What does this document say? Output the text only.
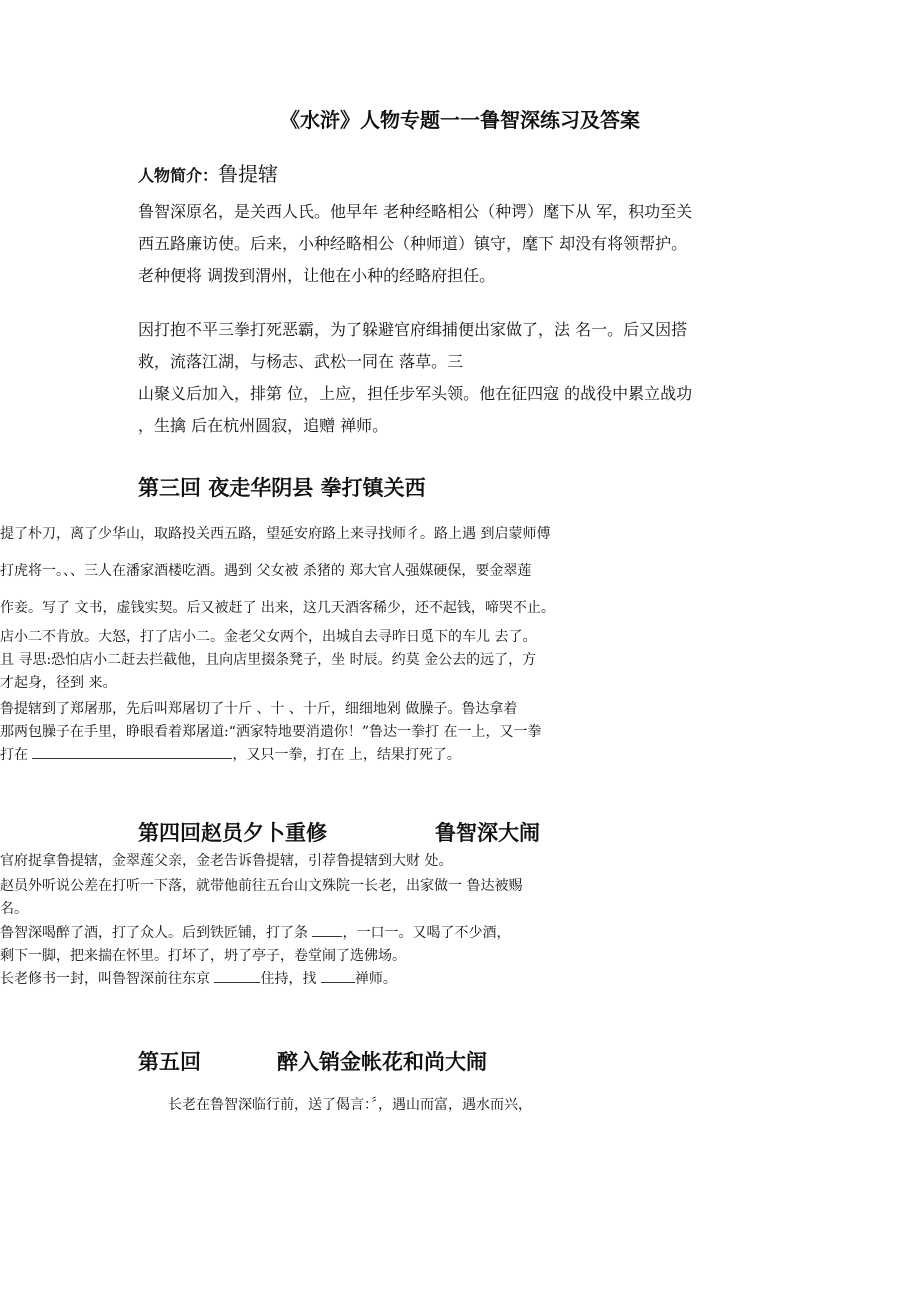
《水浒》人物专题一一鲁智深练习及答案
人物简介：鲁提辖
鲁智深原名，是关西人氏。他早年 老种经略相公（种谔）麾下从 军，积功至关
西五路廉访使。后来，小种经略相公（种师道）镇守，麾下 却没有将领帮护。
老种便将 调拨到渭州，让他在小种的经略府担任。
因打抱不平三拳打死恶霸，为了躲避官府缉捕便出家做了，法 名一。后又因搭
救，流落江湖，与杨志、武松一同在 落草。三
山聚义后加入，排第 位，上应，担任步军头领。他在征四寇 的战役中累立战功
，生擒 后在杭州圆寂，追赠 禅师。
第三回 夜走华阴县 拳打镇关西
提了朴刀，离了少华山，取路投关西五路，望延安府路上来寻找师彳。路上遇 到启蒙师傅
打虎将一。、、三人在潘家酒楼吃酒。遇到 父女被 杀猪的 郑大官人强媒硬保，要金翠莲
作妾。写了 文书，虚钱实契。后又被赶了 出来，这几天酒客稀少，还不起钱，啼哭不止。
店小二不肯放。大怒，打了店小二。金老父女两个，出城自去寻昨日觅下的车儿 去了。
且 寻思:恐怕店小二赶去拦截他，且向店里掇条凳子，坐 时辰。约莫 金公去的远了，方
才起身，径到 来。
鲁提辖到了郑屠那，先后叫郑屠切了十斤 、十 、十斤，细细地剁 做臊子。鲁达拿着
那两包臊子在手里，睁眼看着郑屠道:“洒家特地要消遣你！”鲁达一拳打 在一上，又一拳
打在	，又只一拳，打在 上，结果打死了。
第四回赵员夕卜重修	鲁智深大闹
官府捉拿鲁提辖，金翠莲父亲，金老告诉鲁提辖，引荐鲁提辖到大财 处。
赵员外听说公差在打听一下落，就带他前往五台山文殊院一长老，出家做一 鲁达被赐
名。
鲁智深喝醉了酒，打了众人。后到铁匠铺，打了条 ，一口一。又喝了不少酒，
剩下一脚，把来揣在怀里。打坏了，坍了亭子，卷堂闹了选佛场。
长老修书一封，叫鲁智深前往东京	住持，找 禅师。
第五回	醉入销金帐花和尚大闹
长老在鲁智深临行前，送了偈言：〞，遇山而富，遇水而兴，
